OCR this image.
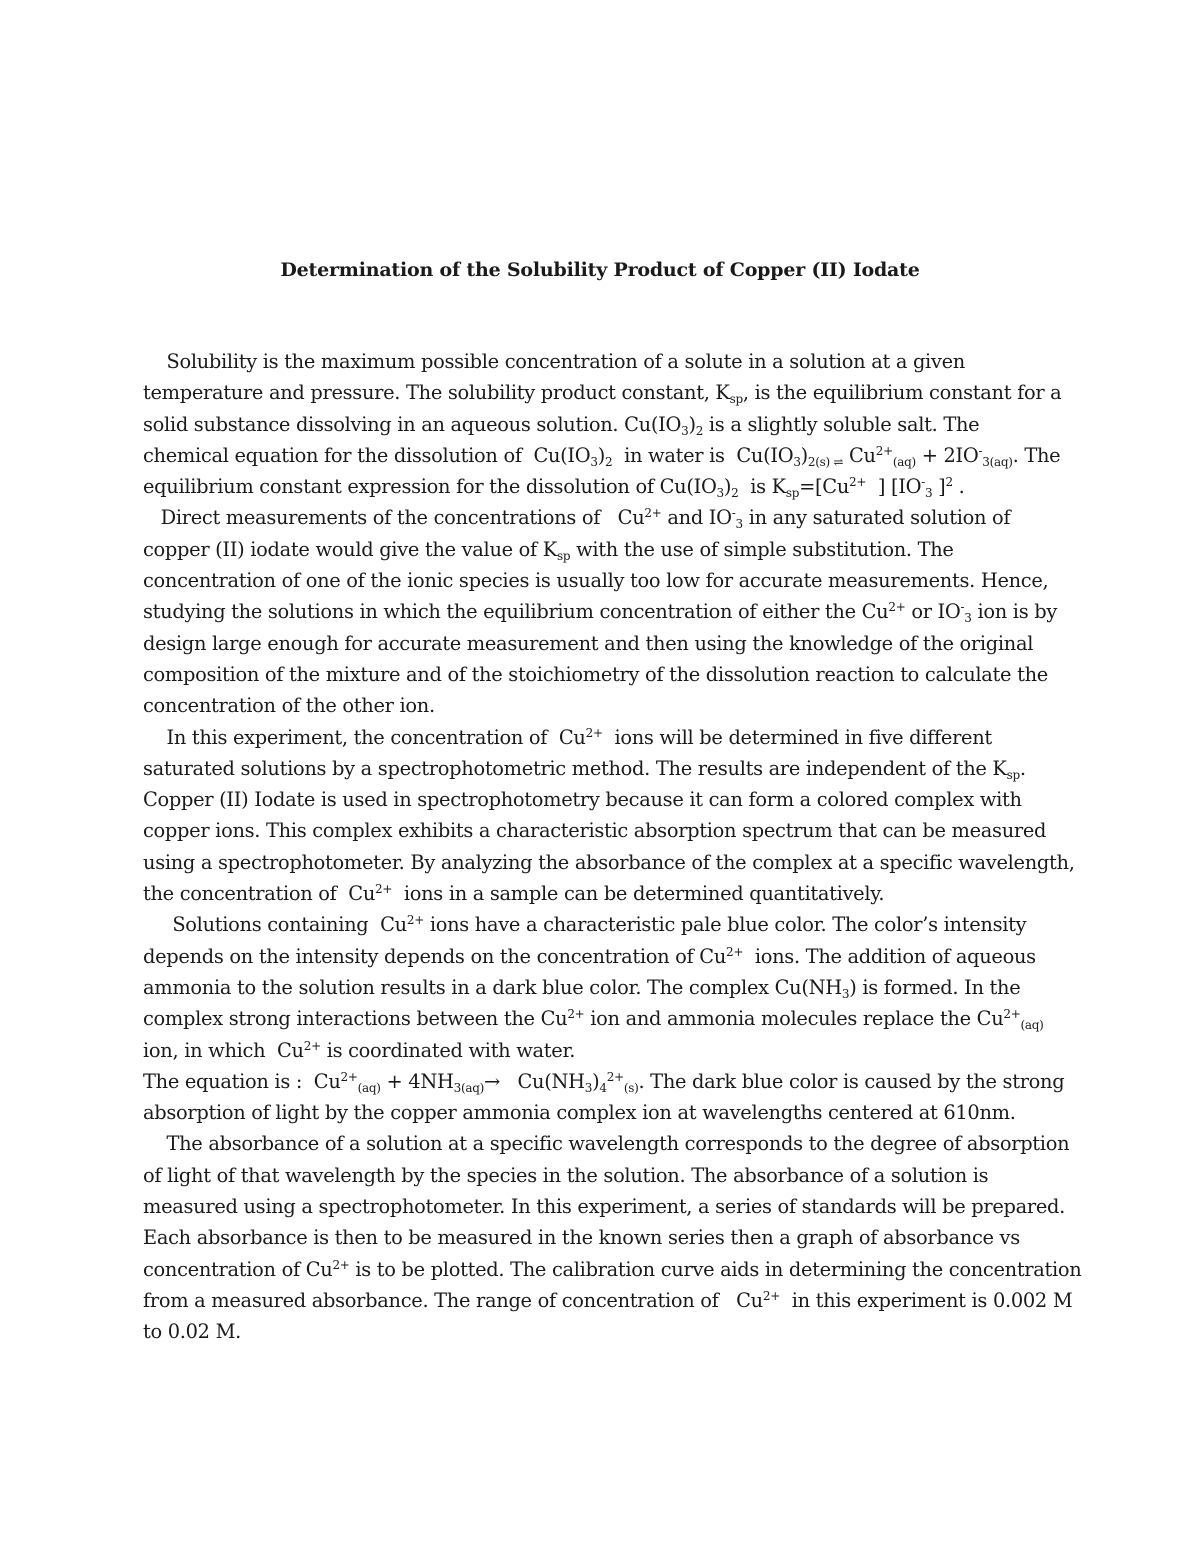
Determination of the Solubility Product of Copper (II) Iodate
Solubility is the maximum possible concentration of a solute in a solution at a given
temperature and pressure. The solubility product constant, $K_{sp}$, is the equilibrium constant for a
solid substance dissolving in an aqueous solution. $Cu(IO_3)_2$ is a slightly soluble salt. The
chemical equation for the dissolution of  $Cu(IO_3)_2$  in water is  $Cu(IO_3)_{2(s) \rightleftharpoons}$ $Cu^{2+}_{(aq)} + 2IO^-_{3(aq)}$. The
equilibrium constant expression for the dissolution of $Cu(IO_3)_2$  is $K_{sp}=[Cu^{2+}$  ] [$IO^-_3$ ]$^2$ .
Direct measurements of the concentrations of   $Cu^{2+}$ and $IO^-_3$ in any saturated solution of
copper (II) iodate would give the value of $K_{sp}$ with the use of simple substitution. The
concentration of one of the ionic species is usually too low for accurate measurements. Hence,
studying the solutions in which the equilibrium concentration of either the $Cu^{2+}$ or $IO^-_3$ ion is by
design large enough for accurate measurement and then using the knowledge of the original
composition of the mixture and of the stoichiometry of the dissolution reaction to calculate the
concentration of the other ion.
In this experiment, the concentration of  $Cu^{2+}$  ions will be determined in five different
saturated solutions by a spectrophotometric method. The results are independent of the $K_{sp}$.
Copper (II) Iodate is used in spectrophotometry because it can form a colored complex with
copper ions. This complex exhibits a characteristic absorption spectrum that can be measured
using a spectrophotometer. By analyzing the absorbance of the complex at a specific wavelength,
the concentration of  $Cu^{2+}$  ions in a sample can be determined quantitatively.
Solutions containing  $Cu^{2+}$ ions have a characteristic pale blue color. The color’s intensity
depends on the intensity depends on the concentration of $Cu^{2+}$  ions. The addition of aqueous
ammonia to the solution results in a dark blue color. The complex $Cu(NH_3)$ is formed. In the
complex strong interactions between the $Cu^{2+}$ ion and ammonia molecules replace the $Cu^{2+}_{(aq)}$
ion, in which  $Cu^{2+}$ is coordinated with water.
The equation is :  $Cu^{2+}_{(aq)} + 4NH_{3(aq)}\to Cu(NH_3)_4^{2+}_{(s)}$. The dark blue color is caused by the strong
absorption of light by the copper ammonia complex ion at wavelengths centered at 610nm.
The absorbance of a solution at a specific wavelength corresponds to the degree of absorption
of light of that wavelength by the species in the solution. The absorbance of a solution is
measured using a spectrophotometer. In this experiment, a series of standards will be prepared.
Each absorbance is then to be measured in the known series then a graph of absorbance vs
concentration of $Cu^{2+}$ is to be plotted. The calibration curve aids in determining the concentration
from a measured absorbance. The range of concentration of   $Cu^{2+}$  in this experiment is 0.002 M
to 0.02 M.
